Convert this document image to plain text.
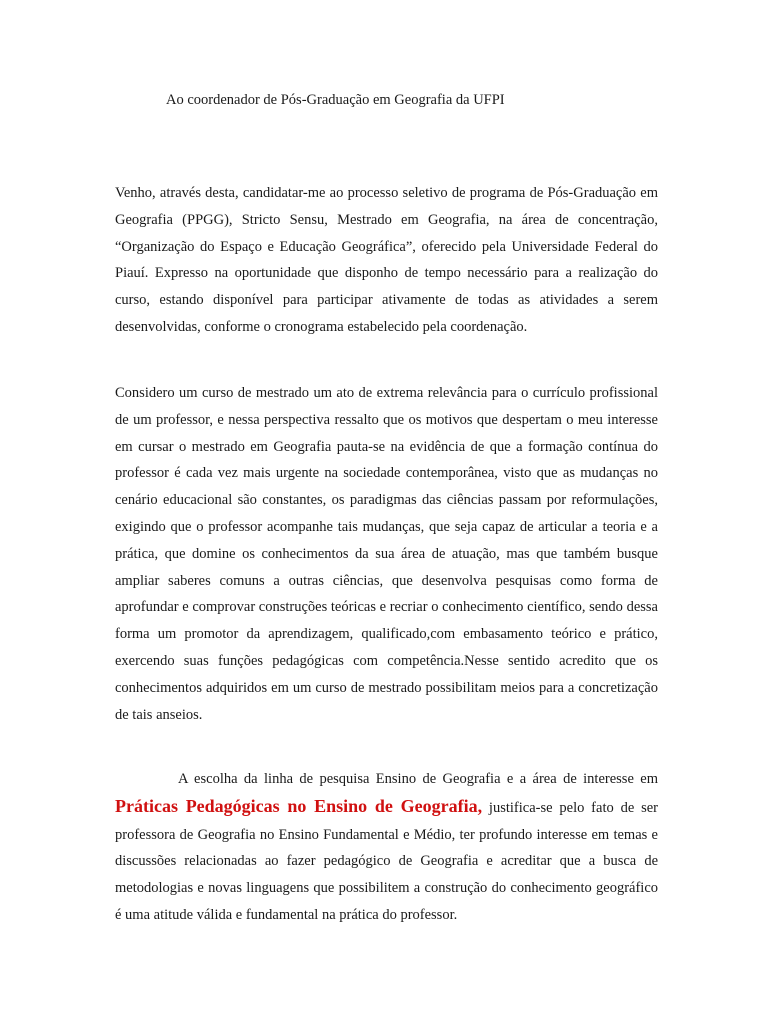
Ao coordenador de Pós-Graduação em Geografia da UFPI

Venho, através desta, candidatar-me ao processo seletivo de programa de Pós-Graduação em Geografia (PPGG), Stricto Sensu, Mestrado em Geografia, na área de concentração, “Organização do Espaço e Educação Geográfica”, oferecido pela Universidade Federal do Piauí. Expresso na oportunidade que disponho de tempo necessário para a realização do curso, estando disponível para participar ativamente de todas as atividades a serem desenvolvidas, conforme o cronograma estabelecido pela coordenação.

Considero um curso de mestrado um ato de extrema relevância para o currículo profissional de um professor, e nessa perspectiva ressalto que os motivos que despertam o meu interesse em cursar o mestrado em Geografia pauta-se na evidência de que a formação contínua do professor é cada vez mais urgente na sociedade contemporânea, visto que as mudanças no cenário educacional são constantes, os paradigmas das ciências passam por reformulações, exigindo que o professor acompanhe tais mudanças, que seja capaz de articular a teoria e a prática, que domine os conhecimentos da sua área de atuação, mas que também busque ampliar saberes comuns a outras ciências, que desenvolva pesquisas como forma de aprofundar e comprovar construções teóricas e recriar o conhecimento científico, sendo dessa forma um promotor da aprendizagem, qualificado,com embasamento teórico e prático, exercendo suas funções pedagógicas com competência.Nesse sentido acredito que os conhecimentos adquiridos em um curso de mestrado possibilitam meios para a concretização de tais anseios.

A escolha da linha de pesquisa Ensino de Geografia e a área de interesse em Práticas Pedagógicas no Ensino de Geografia, justifica-se pelo fato de ser professora de Geografia no Ensino Fundamental e Médio, ter profundo interesse em temas e discussões relacionadas ao fazer pedagógico de Geografia e acreditar que a busca de metodologias e novas linguagens que possibilitem a construção do conhecimento geográfico é uma atitude válida e fundamental na prática do professor.
